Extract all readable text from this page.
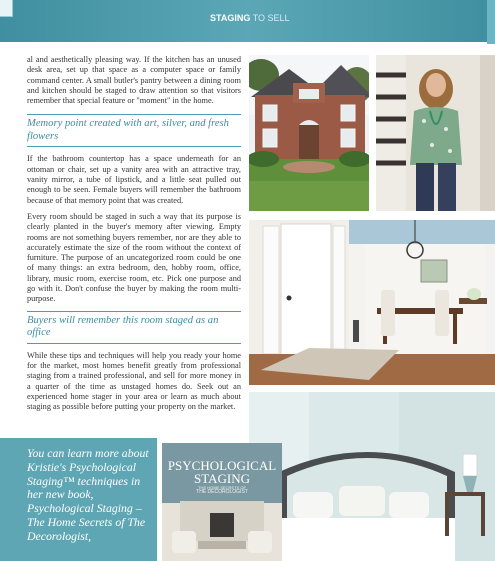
STAGING TO SELL

al and aesthetically pleasing way. If the kitchen has an unused desk area, set up that space as a computer space or family command center. A small butler's pantry between a dining room and kitchen should be staged to draw attention so that visitors remember that special feature or "moment" in the home.

Memory point created with art, silver, and fresh flowers

If the bathroom countertop has a space underneath for an ottoman or chair, set up a vanity area with an attractive tray, vanity mirror, a tube of lipstick, and a little seat pulled out enough to be seen. Female buyers will remember the bathroom because of that memory point that was created.

Every room should be staged in such a way that its purpose is clearly planted in the buyer's memory after viewing. Empty rooms are not something buyers remember, nor are they able to accurately estimate the size of the room without the context of furniture. The purpose of an uncategorized room could be one of many things: an extra bedroom, den, hobby room, office, library, music room, exercise room, etc. Pick one purpose and go with it. Don't confuse the buyer by making the room multi-purpose.

Buyers will remember this room staged as an office

While these tips and techniques will help you ready your home for the market, most homes benefit greatly from professional staging from a trained professional, and sell for more money in a quarter of the time as unstaged homes do. Seek out an experienced home stager in your area or learn as much about staging as possible before putting your property on the market.

You can learn more about Kristie's Psychological Staging™ techniques in her new book, Psychological Staging – The Home Secrets of The Decorologist,
PSYCHOLOGICAL
STAGING
THE HOME SECRETS OF
THE DECOROLOGIST
